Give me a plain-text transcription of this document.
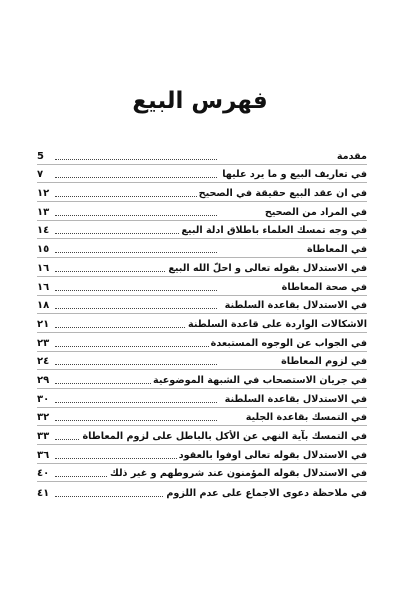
فهرس البيع
مقدمة
5
في تعاريف البيع و ما يرد عليها
٧
في ان عقد البيع حقيقة في الصحيح
١٢
في المراد من الصحيح
١٣
في وجه تمسك العلماء باطلاق ادلة البيع
١٤
في المعاطاة
١٥
في الاستدلال بقوله تعالى و احلّ الله البيع
١٦
في صحة المعاطاة
١٦
في الاستدلال بقاعدة السلطنة
١٨
الاشكالات الواردة على قاعدة السلطنة
٢١
في الجواب عن الوجوه المستبعدة
٢٣
في لزوم المعاطاة
٢٤
في جريان الاستصحاب في الشبهة الموضوعية
٢٩
في الاستدلال بقاعدة السلطنة
٣٠
في التمسك بقاعدة الجلية
٣٢
في التمسك بآية النهي عن الأكل بالباطل على لزوم المعاطاة
٣٣
في الاستدلال بقوله تعالى اوفوا بالعقود
٣٦
في الاستدلال بقوله المؤمنون عند شروطهم و غير ذلك
٤٠
في ملاحظة دعوى الاجماع على عدم اللزوم
٤١
